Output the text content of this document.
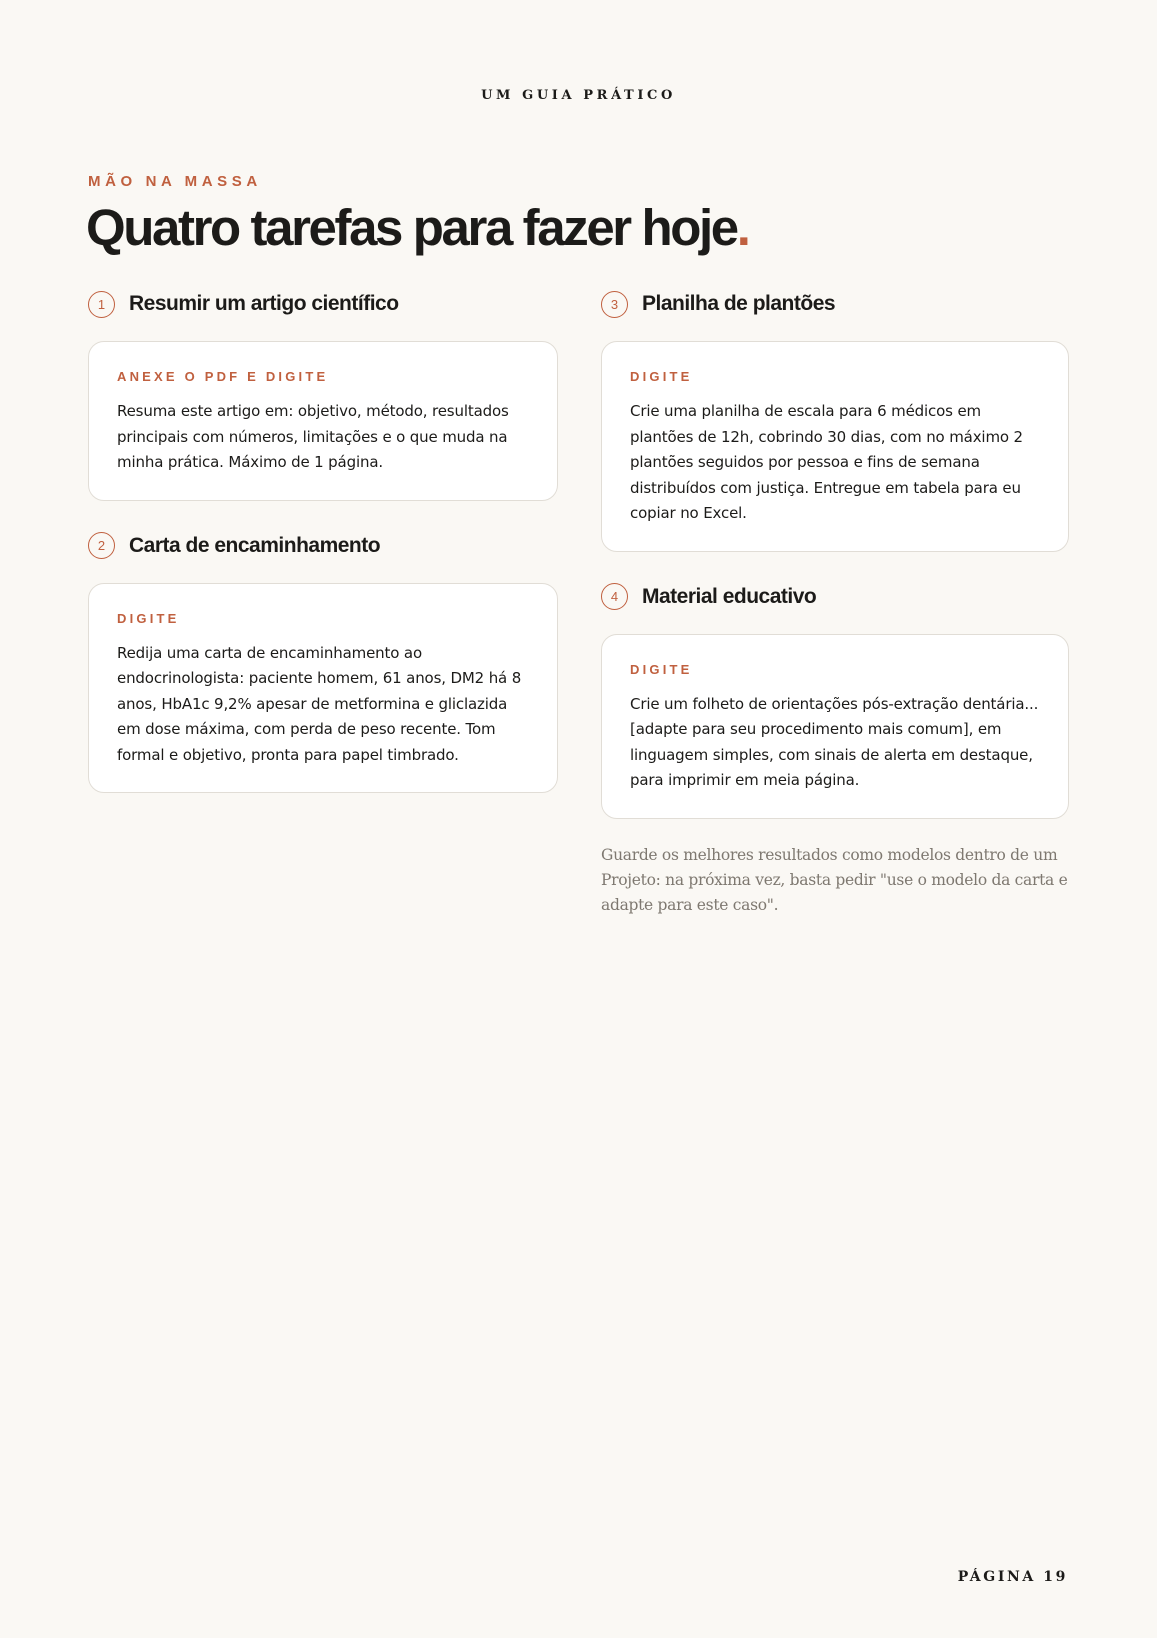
UM GUIA PRÁTICO
MÃO NA MASSA
Quatro tarefas para fazer hoje.
1	Resumir um artigo científico
ANEXE O PDF E DIGITE
Resuma este artigo em: objetivo, método, resultados principais com números, limitações e o que muda na minha prática. Máximo de 1 página.
2	Carta de encaminhamento
DIGITE
Redija uma carta de encaminhamento ao endocrinologista: paciente homem, 61 anos, DM2 há 8 anos, HbA1c 9,2% apesar de metformina e gliclazida em dose máxima, com perda de peso recente. Tom formal e objetivo, pronta para papel timbrado.
3	Planilha de plantões
DIGITE
Crie uma planilha de escala para 6 médicos em plantões de 12h, cobrindo 30 dias, com no máximo 2 plantões seguidos por pessoa e fins de semana distribuídos com justiça. Entregue em tabela para eu copiar no Excel.
4	Material educativo
DIGITE
Crie um folheto de orientações pós-extração dentária... [adapte para seu procedimento mais comum], em linguagem simples, com sinais de alerta em destaque, para imprimir em meia página.
Guarde os melhores resultados como modelos dentro de um Projeto: na próxima vez, basta pedir "use o modelo da carta e adapte para este caso".
PÁGINA 19
